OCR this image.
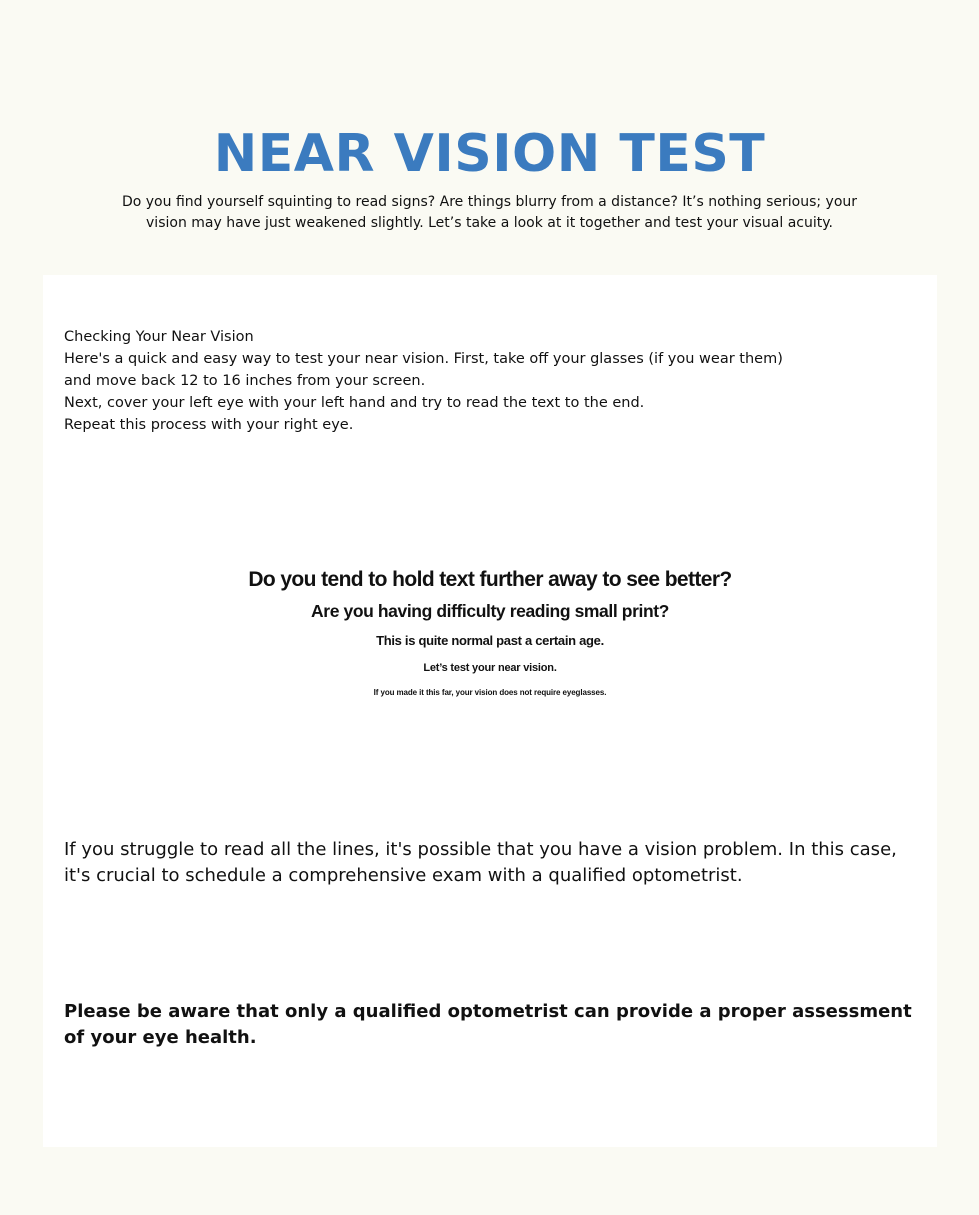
NEAR VISION TEST

Do you find yourself squinting to read signs? Are things blurry from a distance? It’s nothing serious; your vision may have just weakened slightly. Let’s take a look at it together and test your visual acuity.

Checking Your Near Vision
Here's a quick and easy way to test your near vision. First, take off your glasses (if you wear them) and move back 12 to 16 inches from your screen.
Next, cover your left eye with your left hand and try to read the text to the end.
Repeat this process with your right eye.
Do you tend to hold text further away to see better?
Are you having difficulty reading small print?
This is quite normal past a certain age.
Let’s test your near vision.
If you made it this far, your vision does not require eyeglasses.

If you struggle to read all the lines, it's possible that you have a vision problem. In this case, it's crucial to schedule a comprehensive exam with a qualified optometrist.

Please be aware that only a qualified optometrist can provide a proper assessment of your eye health.
